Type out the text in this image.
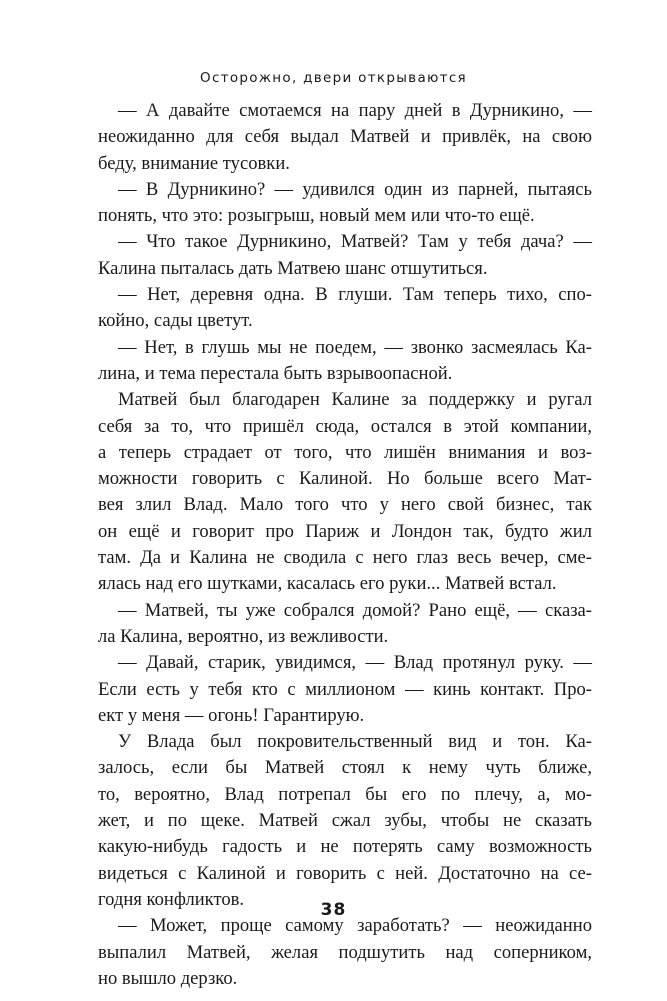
Осторожно, двери открываются
— А давайте смотаемся на пару дней в Дурникино, —
неожиданно для себя выдал Матвей и привлёк, на свою
беду, внимание тусовки.
— В Дурникино? — удивился один из парней, пытаясь
понять, что это: розыгрыш, новый мем или что-то ещё.
— Что такое Дурникино, Матвей? Там у тебя дача? —
Калина пыталась дать Матвею шанс отшутиться.
— Нет, деревня одна. В глуши. Там теперь тихо, спо-
койно, сады цветут.
— Нет, в глушь мы не поедем, — звонко засмеялась Ка-
лина, и тема перестала быть взрывоопасной.
Матвей был благодарен Калине за поддержку и ругал
себя за то, что пришёл сюда, остался в этой компании,
а теперь страдает от того, что лишён внимания и воз-
можности говорить с Калиной. Но больше всего Мат-
вея злил Влад. Мало того что у него свой бизнес, так
он ещё и говорит про Париж и Лондон так, будто жил
там. Да и Калина не сводила с него глаз весь вечер, сме-
ялась над его шутками, касалась его руки... Матвей встал.
— Матвей, ты уже собрался домой? Рано ещё, — сказа-
ла Калина, вероятно, из вежливости.
— Давай, старик, увидимся, — Влад протянул руку. —
Если есть у тебя кто с миллионом — кинь контакт. Про-
ект у меня — огонь! Гарантирую.
У Влада был покровительственный вид и тон. Ка-
залось, если бы Матвей стоял к нему чуть ближе,
то, вероятно, Влад потрепал бы его по плечу, а, мо-
жет, и по щеке. Матвей сжал зубы, чтобы не сказать
какую-нибудь гадость и не потерять саму возможность
видеться с Калиной и говорить с ней. Достаточно на се-
годня конфликтов.
— Может, проще самому заработать? — неожиданно
выпалил Матвей, желая подшутить над соперником,
но вышло дерзко.
38
